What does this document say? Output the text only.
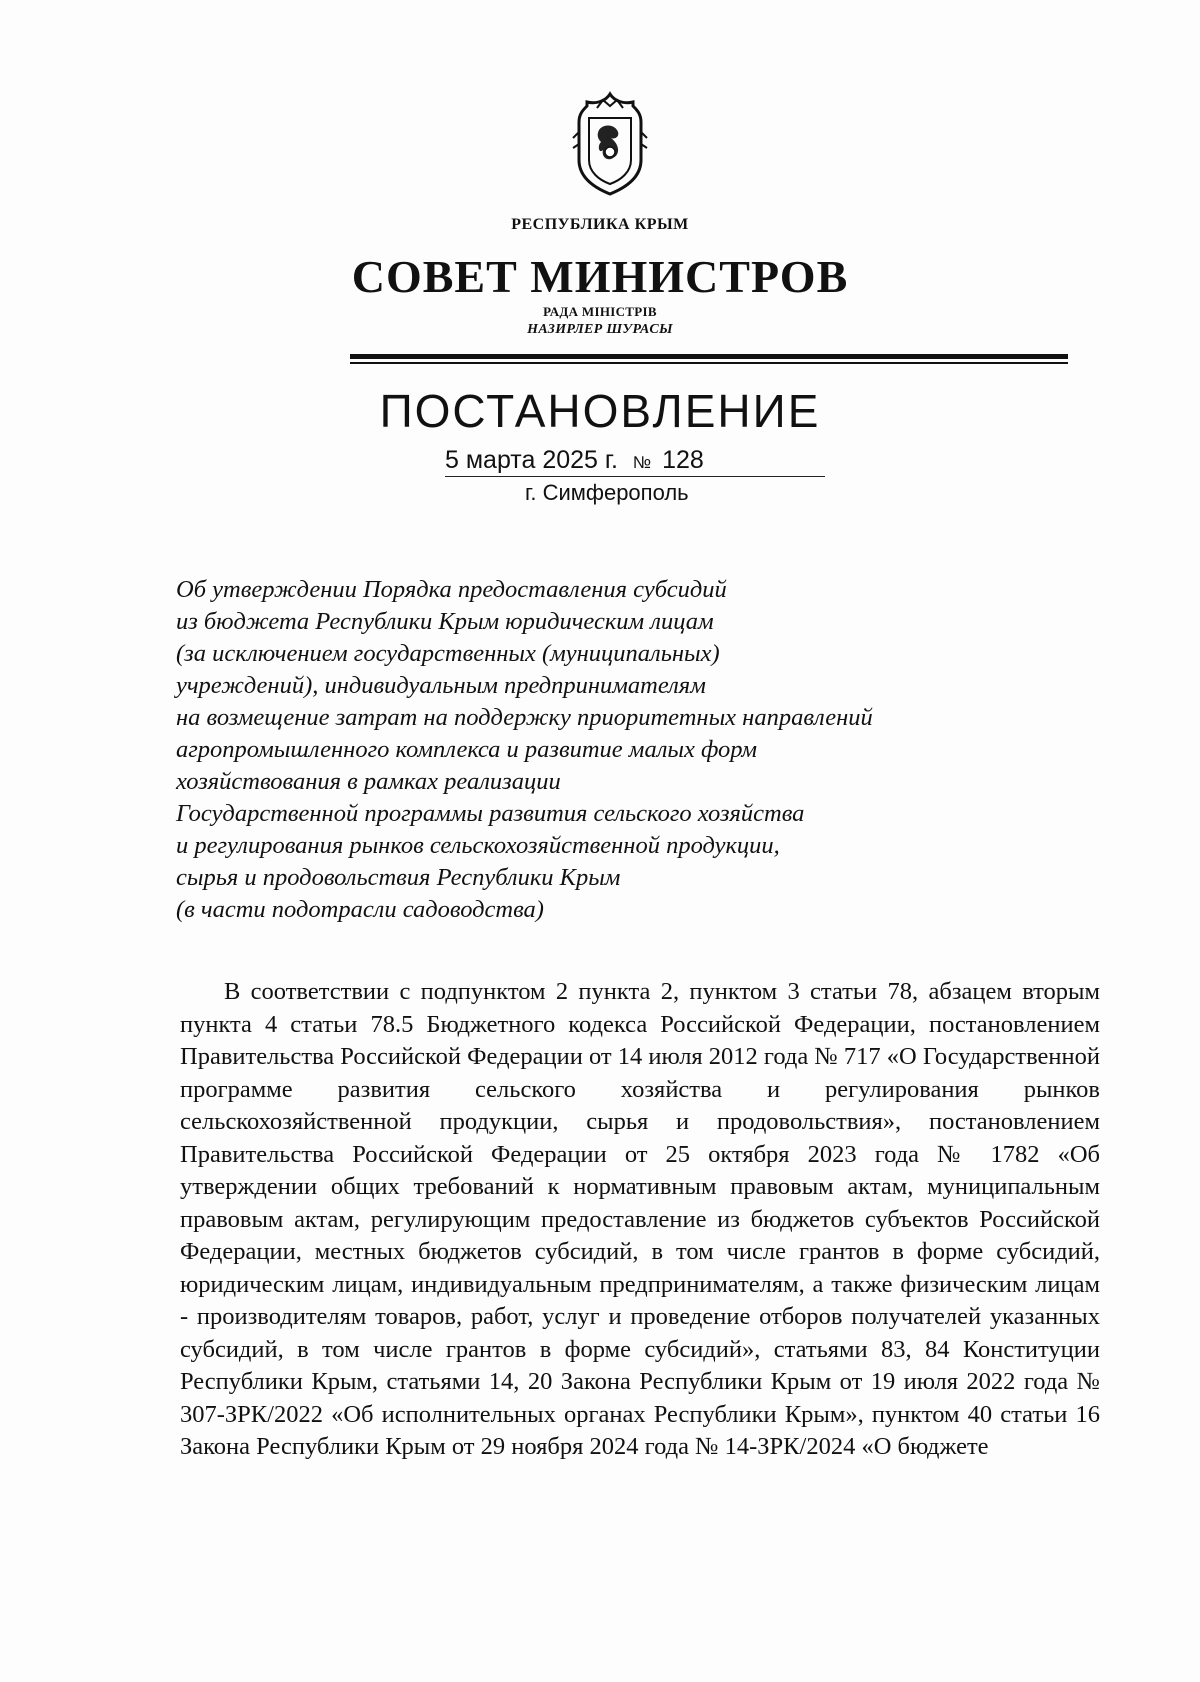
РЕСПУБЛИКА КРЫМ
СОВЕТ МИНИСТРОВ
РАДА МІНІСТРІВ
НАЗИРЛЕР ШУРАСЫ
ПОСТАНОВЛЕНИЕ
5 марта 2025 г. № 128
г. Симферополь
Об утверждении Порядка предоставления субсидий
из бюджета Республики Крым юридическим лицам
(за исключением государственных (муниципальных)
учреждений), индивидуальным предпринимателям
на возмещение затрат на поддержку приоритетных направлений
агропромышленного комплекса и развитие малых форм
хозяйствования в рамках реализации
Государственной программы развития сельского хозяйства
и регулирования рынков сельскохозяйственной продукции,
сырья и продовольствия Республики Крым
(в части подотрасли садоводства)
В соответствии с подпунктом 2 пункта 2, пунктом 3 статьи 78, абзацем вторым пункта 4 статьи 78.5 Бюджетного кодекса Российской Федерации, постановлением Правительства Российской Федерации от 14 июля 2012 года № 717 «О Государственной программе развития сельского хозяйства и регулирования рынков сельскохозяйственной продукции, сырья и продовольствия», постановлением Правительства Российской Федерации от 25 октября 2023 года № 1782 «Об утверждении общих требований к нормативным правовым актам, муниципальным правовым актам, регулирующим предоставление из бюджетов субъектов Российской Федерации, местных бюджетов субсидий, в том числе грантов в форме субсидий, юридическим лицам, индивидуальным предпринимателям, а также физическим лицам - производителям товаров, работ, услуг и проведение отборов получателей указанных субсидий, в том числе грантов в форме субсидий», статьями 83, 84 Конституции Республики Крым, статьями 14, 20 Закона Республики Крым от 19 июля 2022 года № 307-ЗРК/2022 «Об исполнительных органах Республики Крым», пунктом 40 статьи 16 Закона Республики Крым от 29 ноября 2024 года № 14-ЗРК/2024 «О бюджете
